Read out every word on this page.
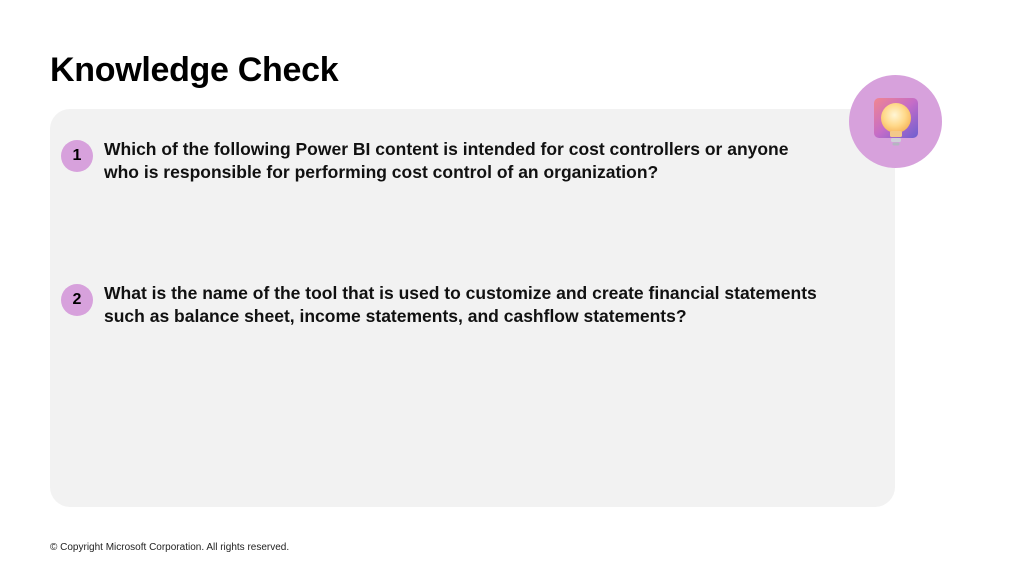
Knowledge Check
1	Which of the following Power BI content is intended for cost controllers or anyone who is responsible for performing cost control of an organization?
2	What is the name of the tool that is used to customize and create financial statements such as balance sheet, income statements, and cashflow statements?
© Copyright Microsoft Corporation. All rights reserved.
